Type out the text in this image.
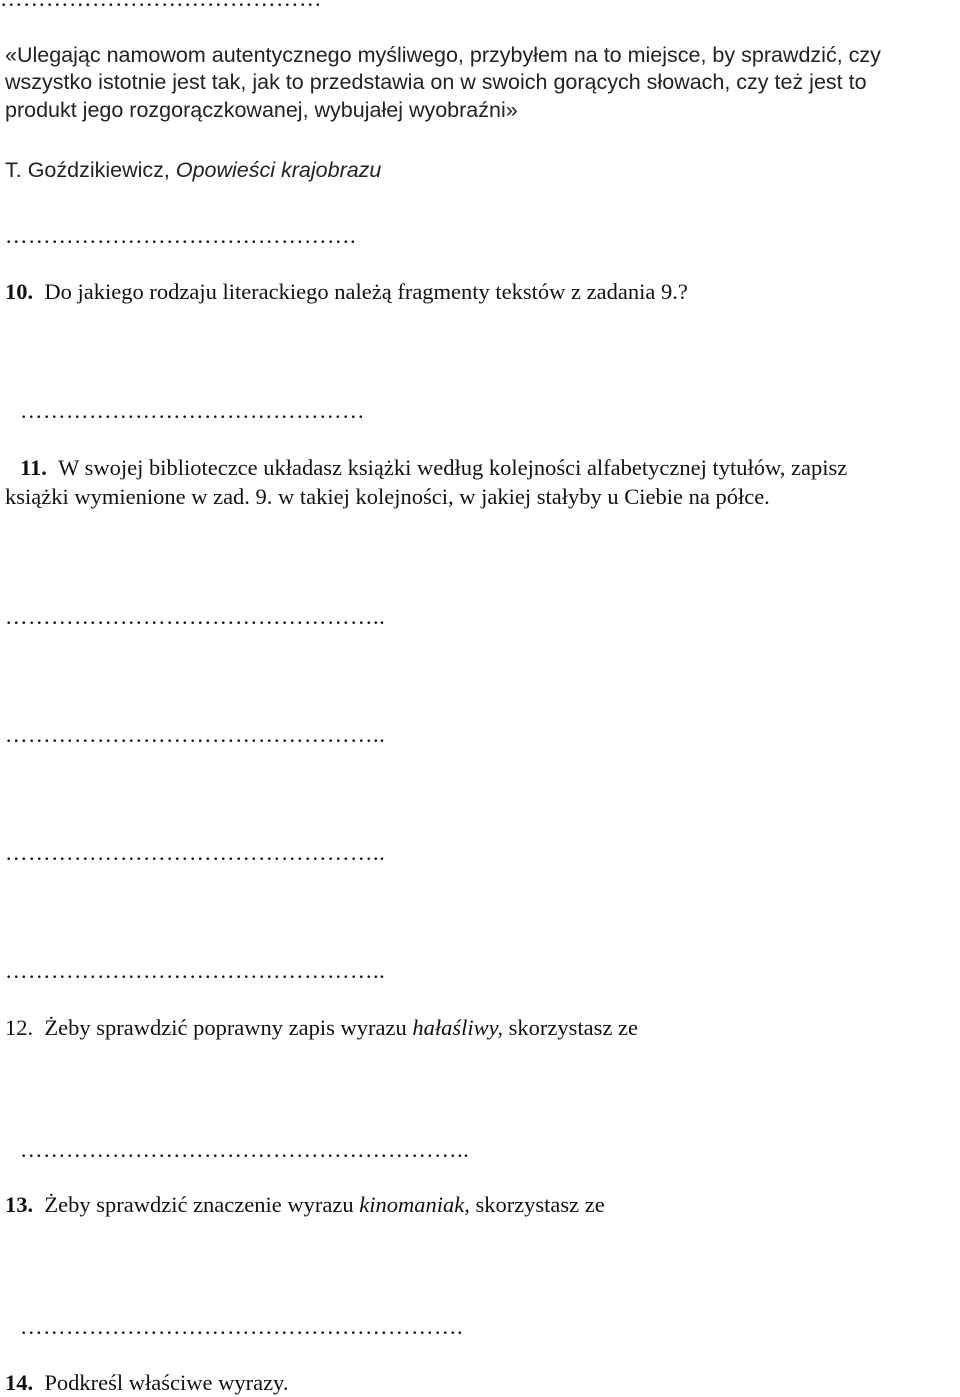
«Ulegając namowom autentycznego myśliwego, przybyłem na to miejsce, by sprawdzić, czy
wszystko istotnie jest tak, jak to przedstawia on w swoich gorących słowach, czy też jest to
produkt jego rozgorączkowanej, wybujałej wyobraźni»
T. Goździkiewicz, Opowieści krajobrazu
……………………………………….
10. Do jakiego rodzaju literackiego należą fragmenty tekstów z zadania 9.?
………………………………………
11. W swojej biblioteczce układasz książki według kolejności alfabetycznej tytułów, zapisz
książki wymienione w zad. 9. w takiej kolejności, w jakiej stałyby u Ciebie na półce.
…………………………………………..
…………………………………………..
…………………………………………..
…………………………………………..
12. Żeby sprawdzić poprawny zapis wyrazu hałaśliwy, skorzystasz ze
…………………………………………………..
13. Żeby sprawdzić znaczenie wyrazu kinomaniak, skorzystasz ze
………………………………………………….
14. Podkreśl właściwe wyrazy.
